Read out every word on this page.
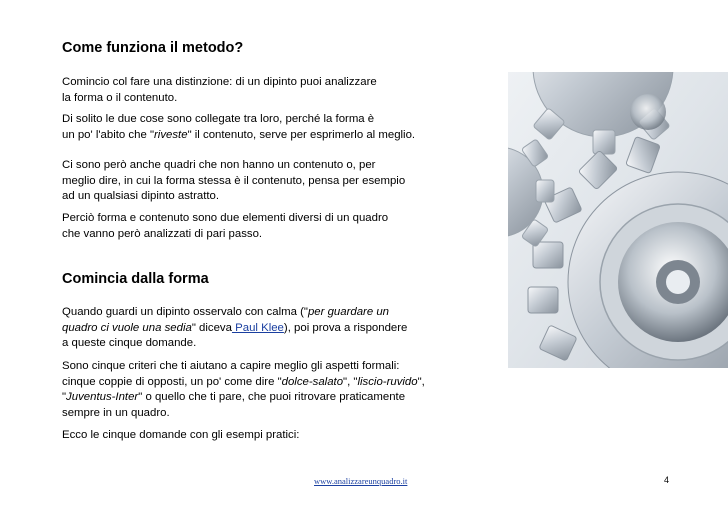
Come funziona il metodo?

Comincio col fare una distinzione: di un dipinto puoi analizzare
la forma o il contenuto.

Di solito le due cose sono collegate tra loro, perché la forma è
un po' l'abito che "riveste" il contenuto, serve per esprimerlo al meglio.

Ci sono però anche quadri che non hanno un contenuto o, per
meglio dire, in cui la forma stessa è il contenuto, pensa per esempio
ad un qualsiasi dipinto astratto.

Perciò forma e contenuto sono due elementi diversi di un quadro
che vanno però analizzati di pari passo.

Comincia dalla forma

Quando guardi un dipinto osservalo con calma ("per guardare un
quadro ci vuole una sedia" diceva Paul Klee), poi prova a rispondere
a queste cinque domande.

Sono cinque criteri che ti aiutano a capire meglio gli aspetti formali:
cinque coppie di opposti, un po' come dire "dolce-salato", "liscio-ruvido",
"Juventus-Inter" o quello che ti pare, che puoi ritrovare praticamente
sempre in un quadro.

Ecco le cinque domande con gli esempi pratici:

www.analizzareunquadro.it	4
